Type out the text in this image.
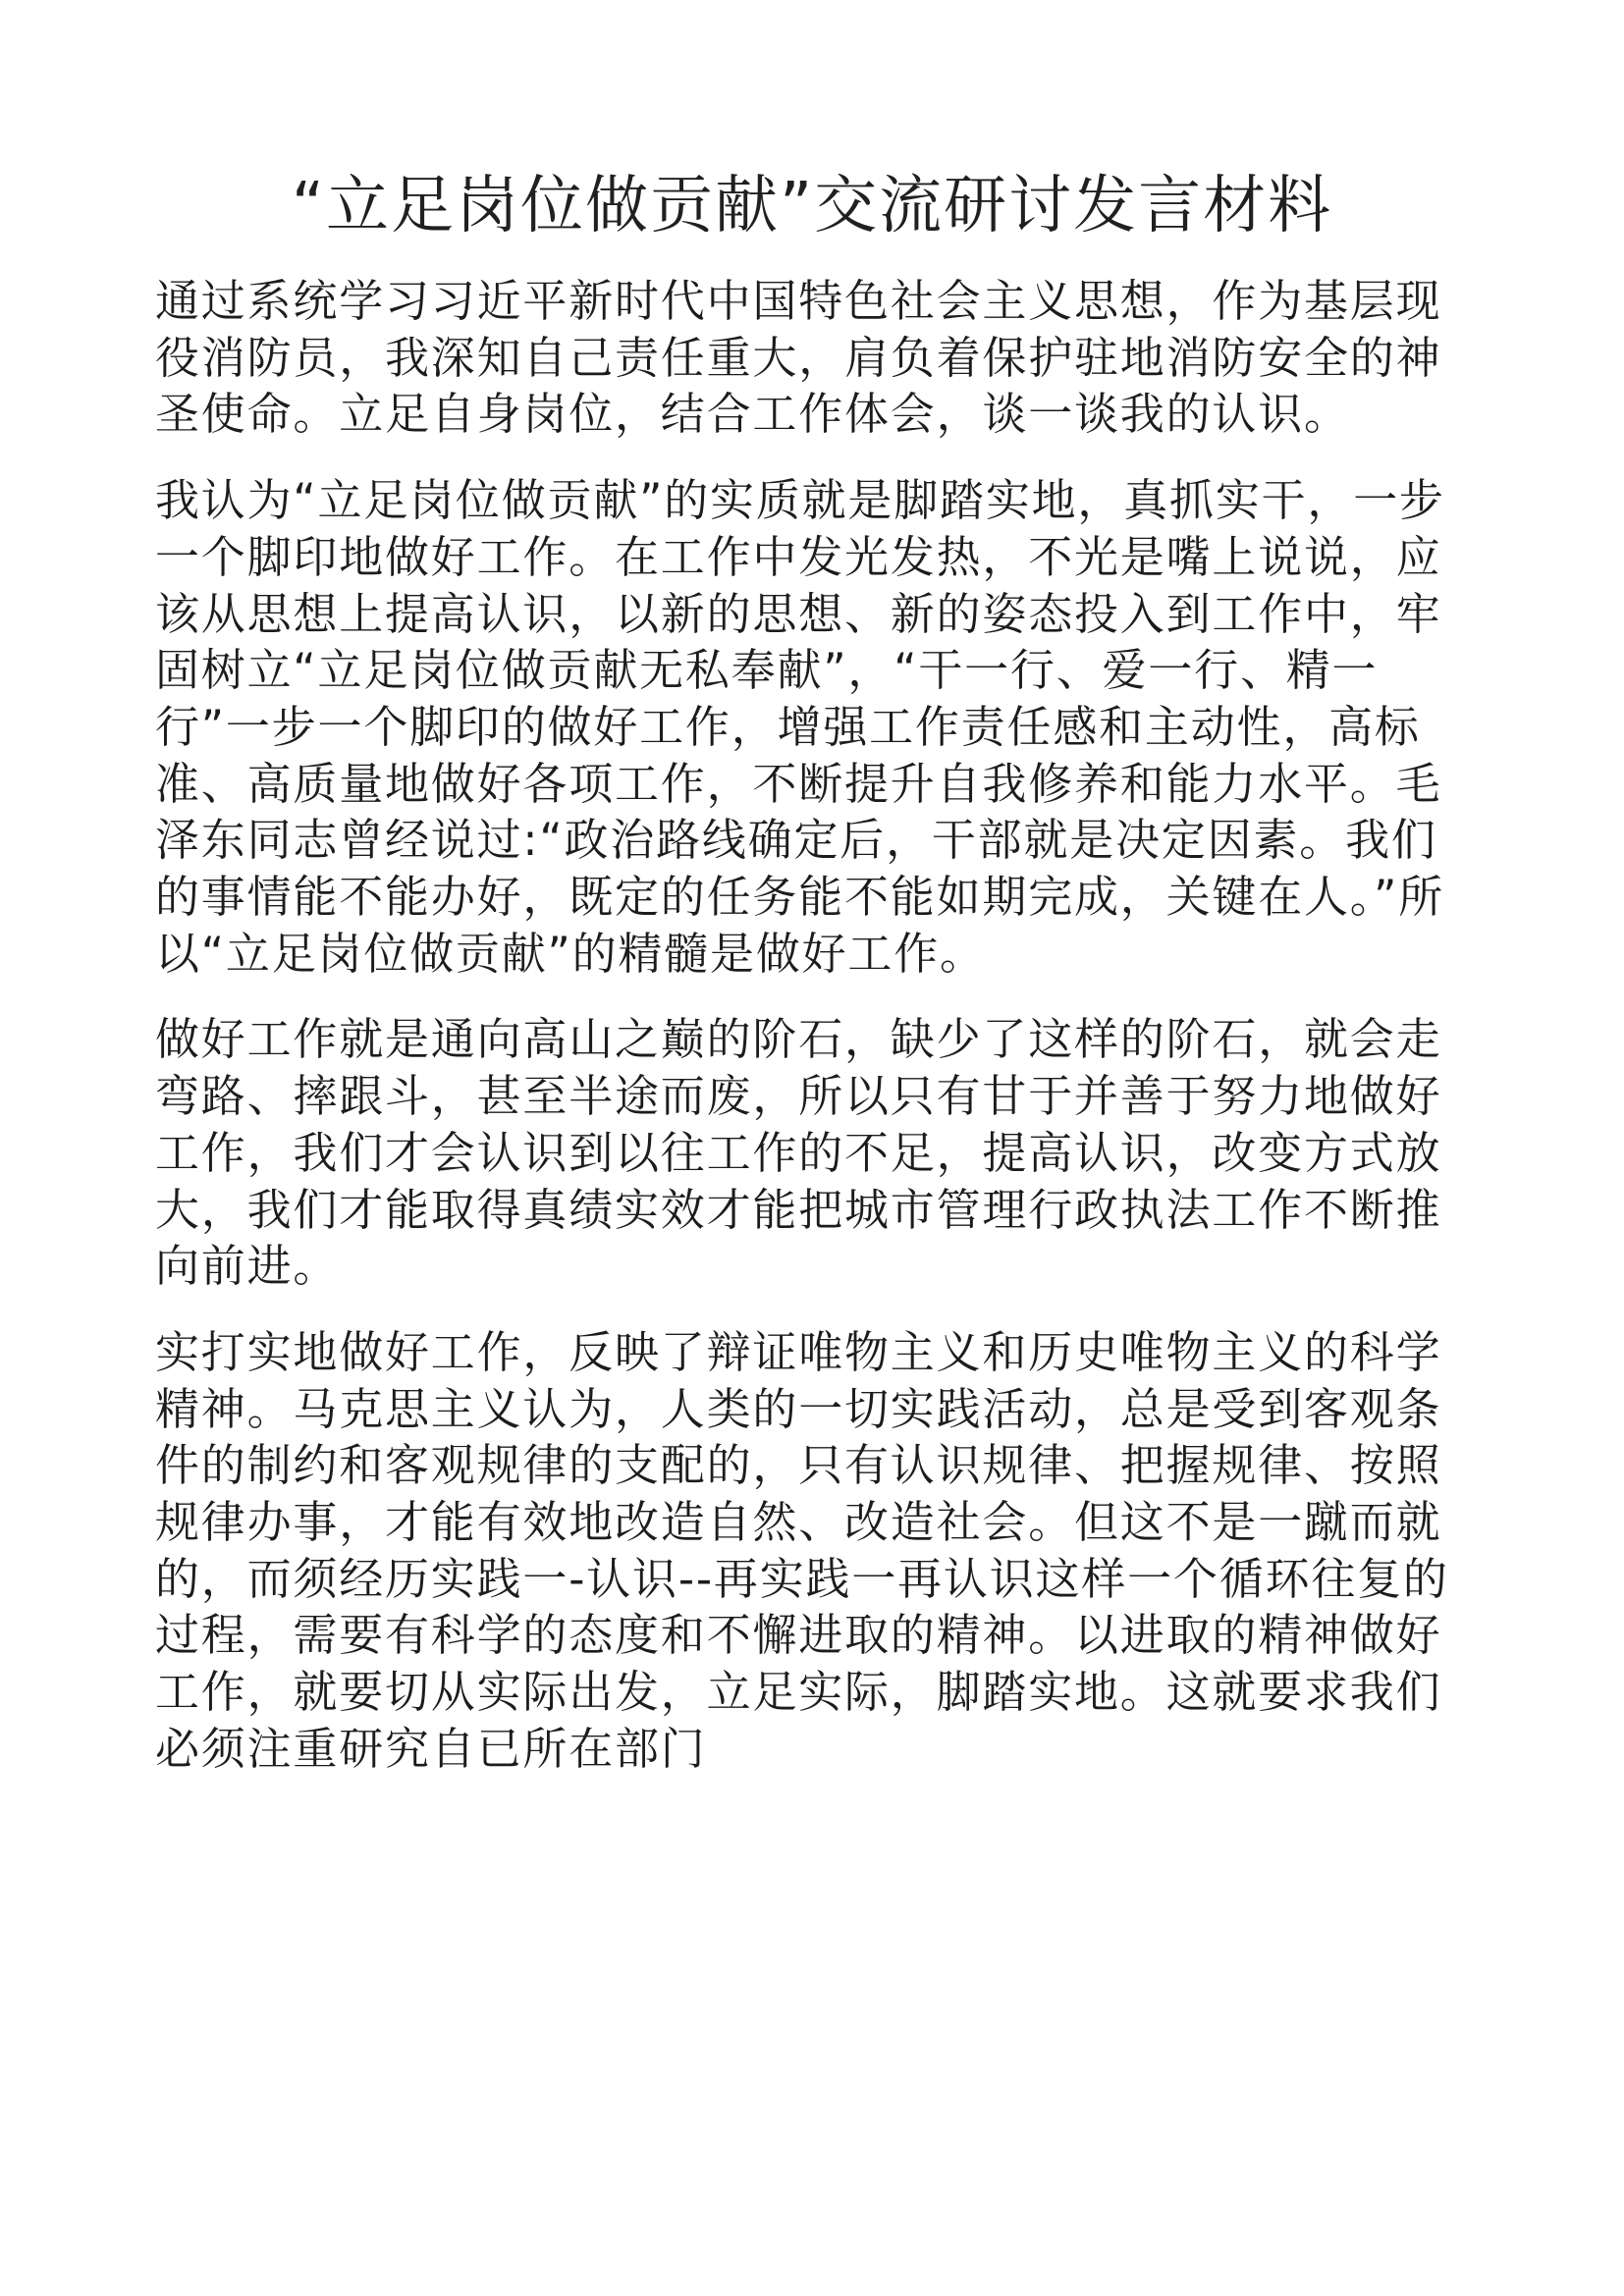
“立足岗位做贡献”交流研讨发言材料

通过系统学习习近平新时代中国特色社会主义思想，作为基层现役消防员，我深知自己责任重大，肩负着保护驻地消防安全的神圣使命。立足自身岗位，结合工作体会，谈一谈我的认识。

我认为“立足岗位做贡献”的实质就是脚踏实地，真抓实干，一步一个脚印地做好工作。在工作中发光发热，不光是嘴上说说，应该从思想上提高认识，以新的思想、新的姿态投入到工作中，牢固树立“立足岗位做贡献无私奉献”，“干一行、爱一行、精一行”一步一个脚印的做好工作，增强工作责任感和主动性，高标准、高质量地做好各项工作，不断提升自我修养和能力水平。毛泽东同志曾经说过:“政治路线确定后，干部就是决定因素。我们的事情能不能办好，既定的任务能不能如期完成，关键在人。”所以“立足岗位做贡献”的精髓是做好工作。

做好工作就是通向高山之巅的阶石，缺少了这样的阶石，就会走弯路、摔跟斗，甚至半途而废，所以只有甘于并善于努力地做好工作，我们才会认识到以往工作的不足，提高认识，改变方式放大，我们才能取得真绩实效才能把城市管理行政执法工作不断推向前进。

实打实地做好工作，反映了辩证唯物主义和历史唯物主义的科学精神。马克思主义认为，人类的一切实践活动，总是受到客观条件的制约和客观规律的支配的，只有认识规律、把握规律、按照规律办事，才能有效地改造自然、改造社会。但这不是一蹴而就的，而须经历实践一-认识--再实践一再认识这样一个循环往复的过程，需要有科学的态度和不懈进取的精神。以进取的精神做好工作，就要切从实际出发，立足实际，脚踏实地。这就要求我们必须注重研究自已所在部门
